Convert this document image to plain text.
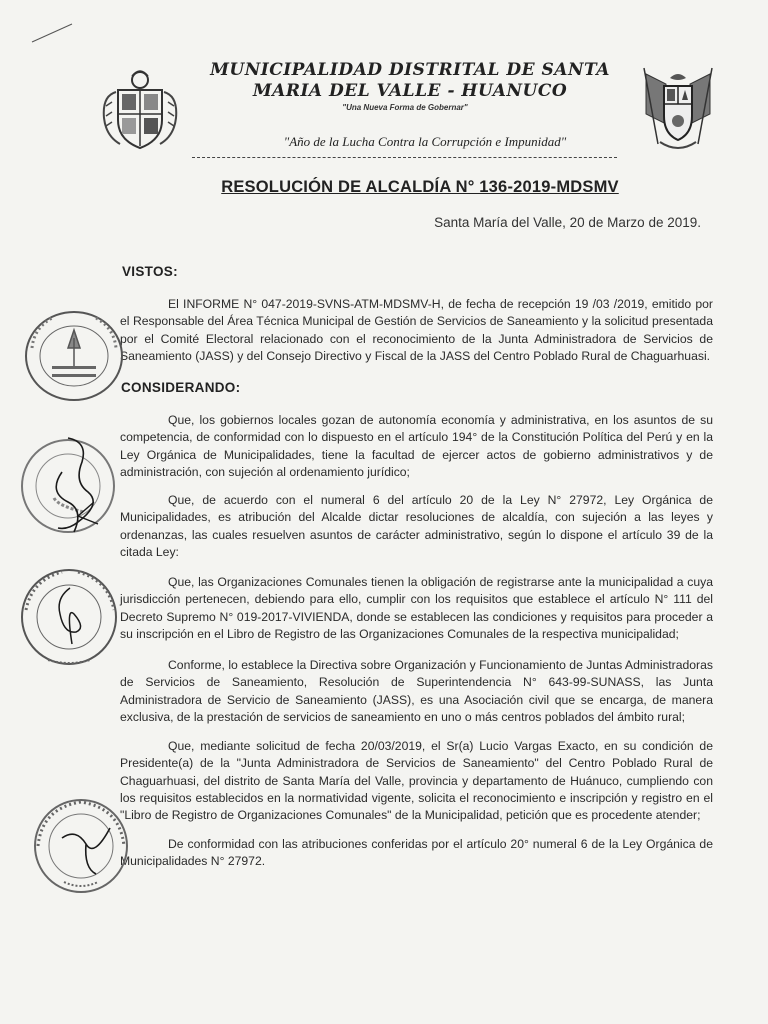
MUNICIPALIDAD DISTRITAL DE SANTA MARIA DEL VALLE - HUANUCO
"Una Nueva Forma de Gobernar"
"Año de la Lucha Contra la Corrupción e Impunidad"
RESOLUCIÓN DE ALCALDÍA N° 136-2019-MDSMV
Santa María del Valle, 20 de Marzo de 2019.
VISTOS:
El INFORME N° 047-2019-SVNS-ATM-MDSMV-H, de fecha de recepción 19 /03 /2019, emitido por el Responsable del Área Técnica Municipal de Gestión de Servicios de Saneamiento y la solicitud presentada por el Comité Electoral relacionado con el reconocimiento de la Junta Administradora de Servicios de Saneamiento (JASS) y del Consejo Directivo y Fiscal de la JASS del Centro Poblado Rural de Chaguarhuasi.
CONSIDERANDO:
Que, los gobiernos locales gozan de autonomía economía y administrativa, en los asuntos de su competencia, de conformidad con lo dispuesto en el artículo 194° de la Constitución Política del Perú y en la Ley Orgánica de Municipalidades, tiene la facultad de ejercer actos de gobierno administrativos y de administración, con sujeción al ordenamiento jurídico;
Que, de acuerdo con el numeral 6 del artículo 20 de la Ley N° 27972, Ley Orgánica de Municipalidades, es atribución del Alcalde dictar resoluciones de alcaldía, con sujeción a las leyes y ordenanzas, las cuales resuelven asuntos de carácter administrativo, según lo dispone el artículo 39 de la citada Ley:
Que, las Organizaciones Comunales tienen la obligación de registrarse ante la municipalidad a cuya jurisdicción pertenecen, debiendo para ello, cumplir con los requisitos que establece el artículo N° 111 del Decreto Supremo N° 019-2017-VIVIENDA, donde se establecen las condiciones y requisitos para proceder a su inscripción en el Libro de Registro de las Organizaciones Comunales de la respectiva municipalidad;
Conforme, lo establece la Directiva sobre Organización y Funcionamiento de Juntas Administradoras de Servicios de Saneamiento, Resolución de Superintendencia N° 643-99-SUNASS, las Junta Administradora de Servicio de Saneamiento (JASS), es una Asociación civil que se encarga, de manera exclusiva, de la prestación de servicios de saneamiento en uno o más centros poblados del ámbito rural;
Que, mediante solicitud de fecha 20/03/2019, el Sr(a) Lucio Vargas Exacto, en su condición de Presidente(a) de la "Junta Administradora de Servicios de Saneamiento" del Centro Poblado Rural de Chaguarhuasi, del distrito de Santa María del Valle, provincia y departamento de Huánuco, cumpliendo con los requisitos establecidos en la normatividad vigente, solicita el reconocimiento e inscripción y registro en el "Libro de Registro de Organizaciones Comunales" de la Municipalidad, petición que es procedente atender;
De conformidad con las atribuciones conferidas por el artículo 20° numeral 6 de la Ley Orgánica de Municipalidades N° 27972.
